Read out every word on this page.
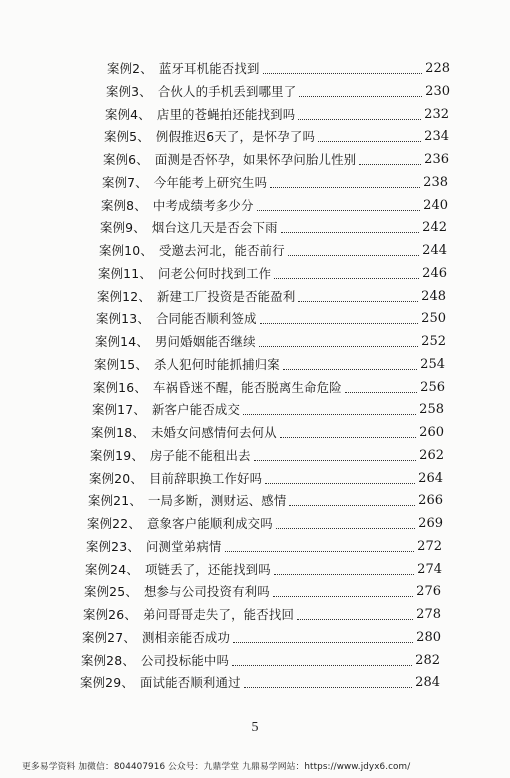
案例2、 蓝牙耳机能否找到	228
案例3、 合伙人的手机丢到哪里了	230
案例4、 店里的苍蝇拍还能找到吗	232
案例5、 例假推迟6天了，是怀孕了吗	234
案例6、 面测是否怀孕，如果怀孕问胎儿性别	236
案例7、 今年能考上研究生吗	238
案例8、 中考成绩考多少分	240
案例9、 烟台这几天是否会下雨	242
案例10、 受邀去河北，能否前行	244
案例11、 问老公何时找到工作	246
案例12、 新建工厂投资是否能盈利	248
案例13、 合同能否顺利签成	250
案例14、 男问婚姻能否继续	252
案例15、 杀人犯何时能抓捕归案	254
案例16、 车祸昏迷不醒，能否脱离生命危险	256
案例17、 新客户能否成交	258
案例18、 未婚女问感情何去何从	260
案例19、 房子能不能租出去	262
案例20、 目前辞职换工作好吗	264
案例21、 一局多断，测财运、感情	266
案例22、 意象客户能顺利成交吗	269
案例23、 问测堂弟病情	272
案例24、 项链丢了，还能找到吗	274
案例25、 想参与公司投资有利吗	276
案例26、 弟问哥哥走失了，能否找回	278
案例27、 测相亲能否成功	280
案例28、 公司投标能中吗	282
案例29、 面试能否顺利通过	284
5
更多易学资料 加微信：804407916 公众号：九鼎学堂 九鼎易学网站：https://www.jdyx6.com/
